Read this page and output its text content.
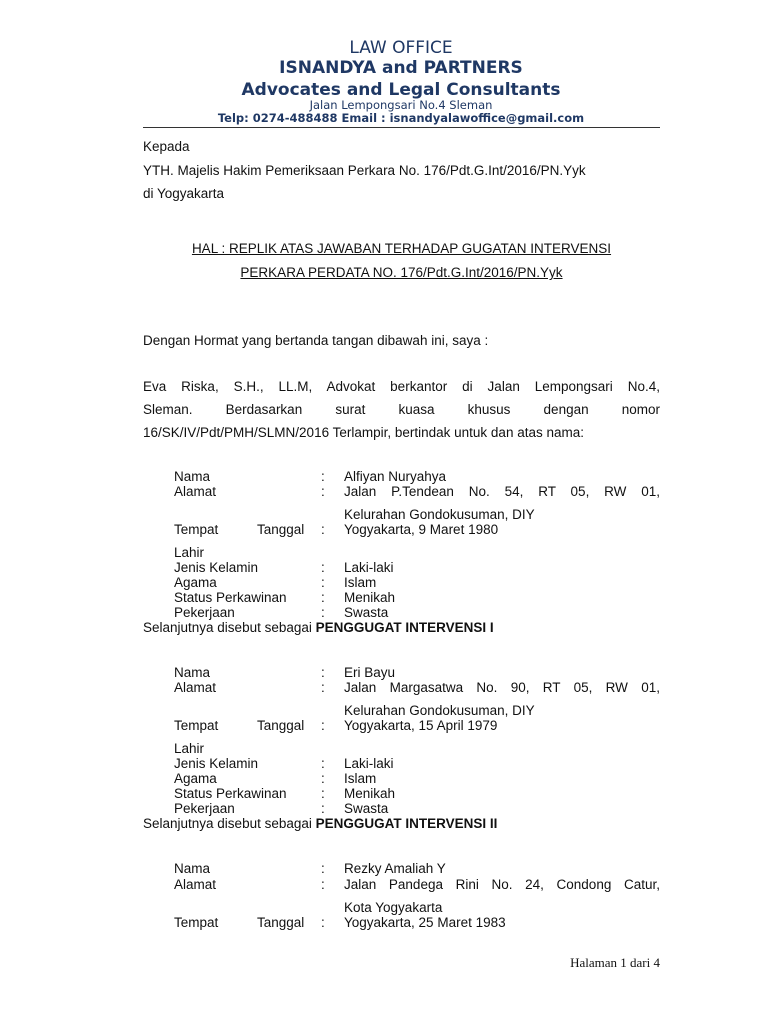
LAW OFFICE
ISNANDYA and PARTNERS
Advocates and Legal Consultants
Jalan Lempongsari No.4 Sleman
Telp: 0274-488488 Email : isnandyalawoffice@gmail.com
Kepada
YTH. Majelis Hakim Pemeriksaan Perkara No. 176/Pdt.G.Int/2016/PN.Yyk
di Yogyakarta
HAL : REPLIK ATAS JAWABAN TERHADAP GUGATAN INTERVENSI
PERKARA PERDATA NO. 176/Pdt.G.Int/2016/PN.Yyk
Dengan Hormat yang bertanda tangan dibawah ini, saya :
Eva Riska, S.H., LL.M, Advokat berkantor di Jalan Lempongsari No.4,
Sleman. Berdasarkan surat kuasa khusus dengan nomor
16/SK/IV/Pdt/PMH/SLMN/2016 Terlampir, bertindak untuk dan atas nama:
Nama	: Alfiyan Nuryahya
Alamat	: Jalan P.Tendean No. 54, RT 05, RW 01,
Kelurahan Gondokusuman, DIY
Tempat	Tanggal : Yogyakarta, 9 Maret 1980
Lahir
Jenis Kelamin	: Laki-laki
Agama	: Islam
Status Perkawinan	: Menikah
Pekerjaan	: Swasta
Selanjutnya disebut sebagai PENGGUGAT INTERVENSI I
Nama	: Eri Bayu
Alamat	: Jalan Margasatwa No. 90, RT 05, RW 01,
Kelurahan Gondokusuman, DIY
Tempat	Tanggal : Yogyakarta, 15 April 1979
Lahir
Jenis Kelamin	: Laki-laki
Agama	: Islam
Status Perkawinan	: Menikah
Pekerjaan	: Swasta
Selanjutnya disebut sebagai PENGGUGAT INTERVENSI II
Nama	: Rezky Amaliah Y
Alamat	: Jalan Pandega Rini No. 24, Condong Catur,
Kota Yogyakarta
Tempat	Tanggal : Yogyakarta, 25 Maret 1983
Halaman 1 dari 4
